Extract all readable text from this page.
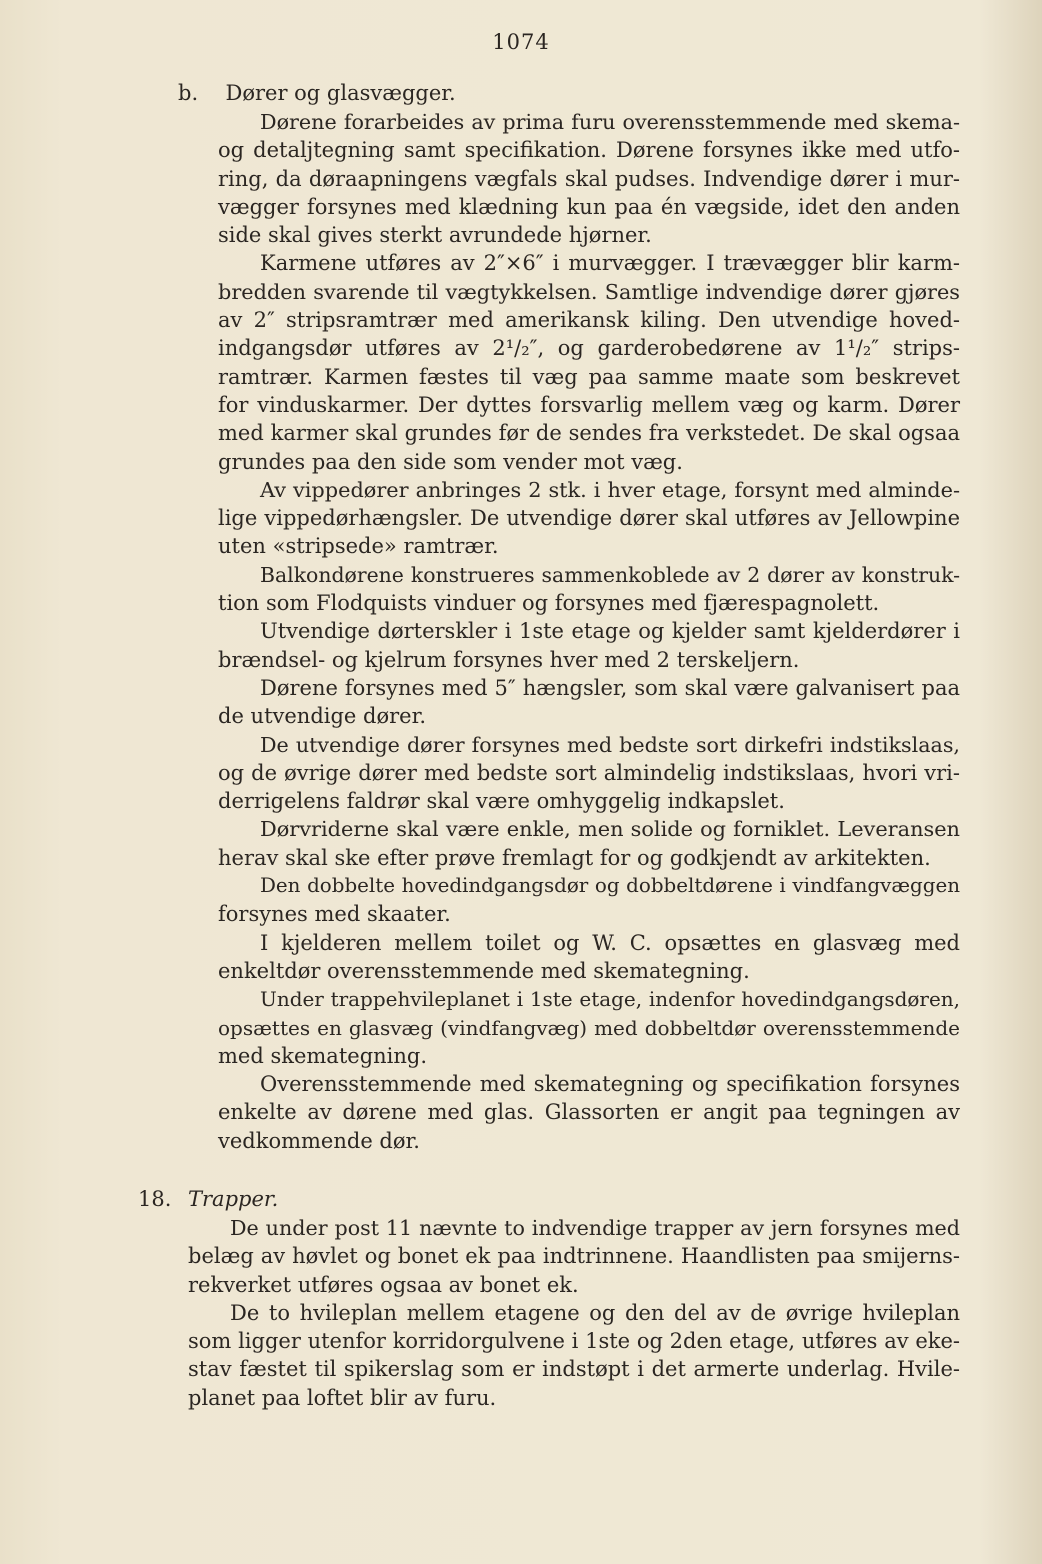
1074
b. Dører og glasvægger.
Dørene forarbeides av prima furu overensstemmende med skema-
og detaljtegning samt specifikation. Dørene forsynes ikke med utfo-
ring, da døraapningens vægfals skal pudses. Indvendige dører i mur-
vægger forsynes med klædning kun paa én vægside, idet den anden
side skal gives sterkt avrundede hjørner.
Karmene utføres av 2″×6″ i murvægger. I trævægger blir karm-
bredden svarende til vægtykkelsen. Samtlige indvendige dører gjøres
av 2″ stripsramtrær med amerikansk kiling. Den utvendige hoved-
indgangsdør utføres av 2¹/₂″, og garderobedørene av 1¹/₂″ strips-
ramtrær. Karmen fæstes til væg paa samme maate som beskrevet
for vinduskarmer. Der dyttes forsvarlig mellem væg og karm. Dører
med karmer skal grundes før de sendes fra verkstedet. De skal ogsaa
grundes paa den side som vender mot væg.
Av vippedører anbringes 2 stk. i hver etage, forsynt med alminde-
lige vippedørhængsler. De utvendige dører skal utføres av Jellowpine
uten «stripsede» ramtrær.
Balkondørene konstrueres sammenkoblede av 2 dører av konstruk-
tion som Flodquists vinduer og forsynes med fjærespagnolett.
Utvendige dørterskler i 1ste etage og kjelder samt kjelderdører i
brændsel- og kjelrum forsynes hver med 2 terskeljern.
Dørene forsynes med 5″ hængsler, som skal være galvanisert paa
de utvendige dører.
De utvendige dører forsynes med bedste sort dirkefri indstikslaas,
og de øvrige dører med bedste sort almindelig indstikslaas, hvori vri-
derrigelens faldrør skal være omhyggelig indkapslet.
Dørvriderne skal være enkle, men solide og forniklet. Leveransen
herav skal ske efter prøve fremlagt for og godkjendt av arkitekten.
Den dobbelte hovedindgangsdør og dobbeltdørene i vindfangvæggen
forsynes med skaater.
I kjelderen mellem toilet og W. C. opsættes en glasvæg med
enkeltdør overensstemmende med skemategning.
Under trappehvileplanet i 1ste etage, indenfor hovedindgangsdøren,
opsættes en glasvæg (vindfangvæg) med dobbeltdør overensstemmende
med skemategning.
Overensstemmende med skemategning og specifikation forsynes
enkelte av dørene med glas. Glassorten er angit paa tegningen av
vedkommende dør.
18. Trapper.
De under post 11 nævnte to indvendige trapper av jern forsynes med
belæg av høvlet og bonet ek paa indtrinnene. Haandlisten paa smijerns-
rekverket utføres ogsaa av bonet ek.
De to hvileplan mellem etagene og den del av de øvrige hvileplan
som ligger utenfor korridorgulvene i 1ste og 2den etage, utføres av eke-
stav fæstet til spikerslag som er indstøpt i det armerte underlag. Hvile-
planet paa loftet blir av furu.
